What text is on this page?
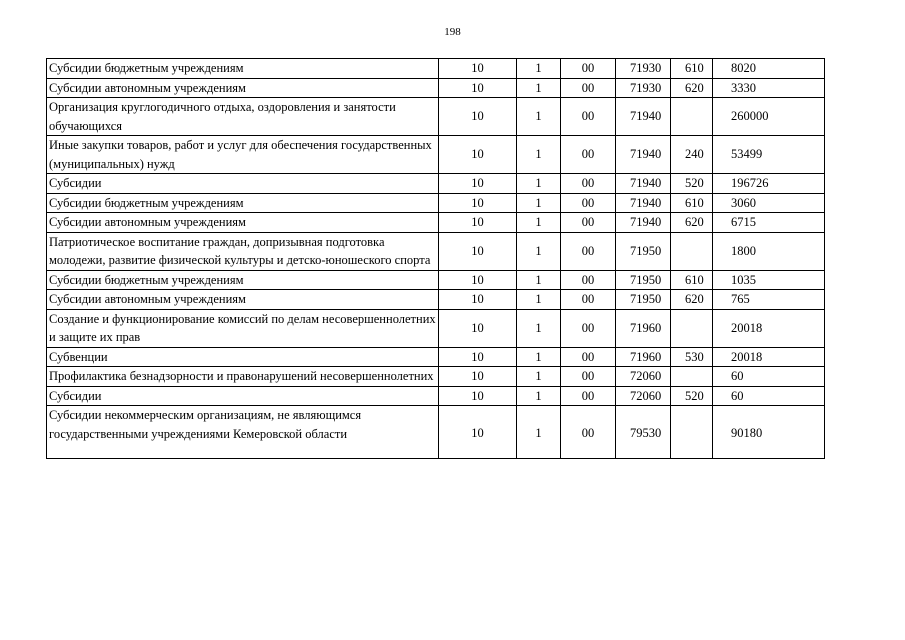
198
Субсидии бюджетным учреждениям	10	1	00	71930	610	8020
Субсидии автономным учреждениям	10	1	00	71930	620	3330
Организация круглогодичного отдыха, оздоровления и занятости обучающихся	10	1	00	71940		260000
Иные закупки товаров, работ и услуг для обеспечения государственных (муниципальных) нужд	10	1	00	71940	240	53499
Субсидии	10	1	00	71940	520	196726
Субсидии бюджетным учреждениям	10	1	00	71940	610	3060
Субсидии автономным учреждениям	10	1	00	71940	620	6715
Патриотическое воспитание граждан, допризывная подготовка молодежи, развитие физической культуры и детско-юношеского спорта	10	1	00	71950		1800
Субсидии бюджетным учреждениям	10	1	00	71950	610	1035
Субсидии автономным учреждениям	10	1	00	71950	620	765
Создание и функционирование комиссий по делам несовершеннолетних и защите их прав	10	1	00	71960		20018
Субвенции	10	1	00	71960	530	20018
Профилактика безнадзорности и правонарушений несовершеннолетних	10	1	00	72060		60
Субсидии	10	1	00	72060	520	60
Субсидии некоммерческим организациям, не являющимся государственными учреждениями Кемеровской области	10	1	00	79530		90180
